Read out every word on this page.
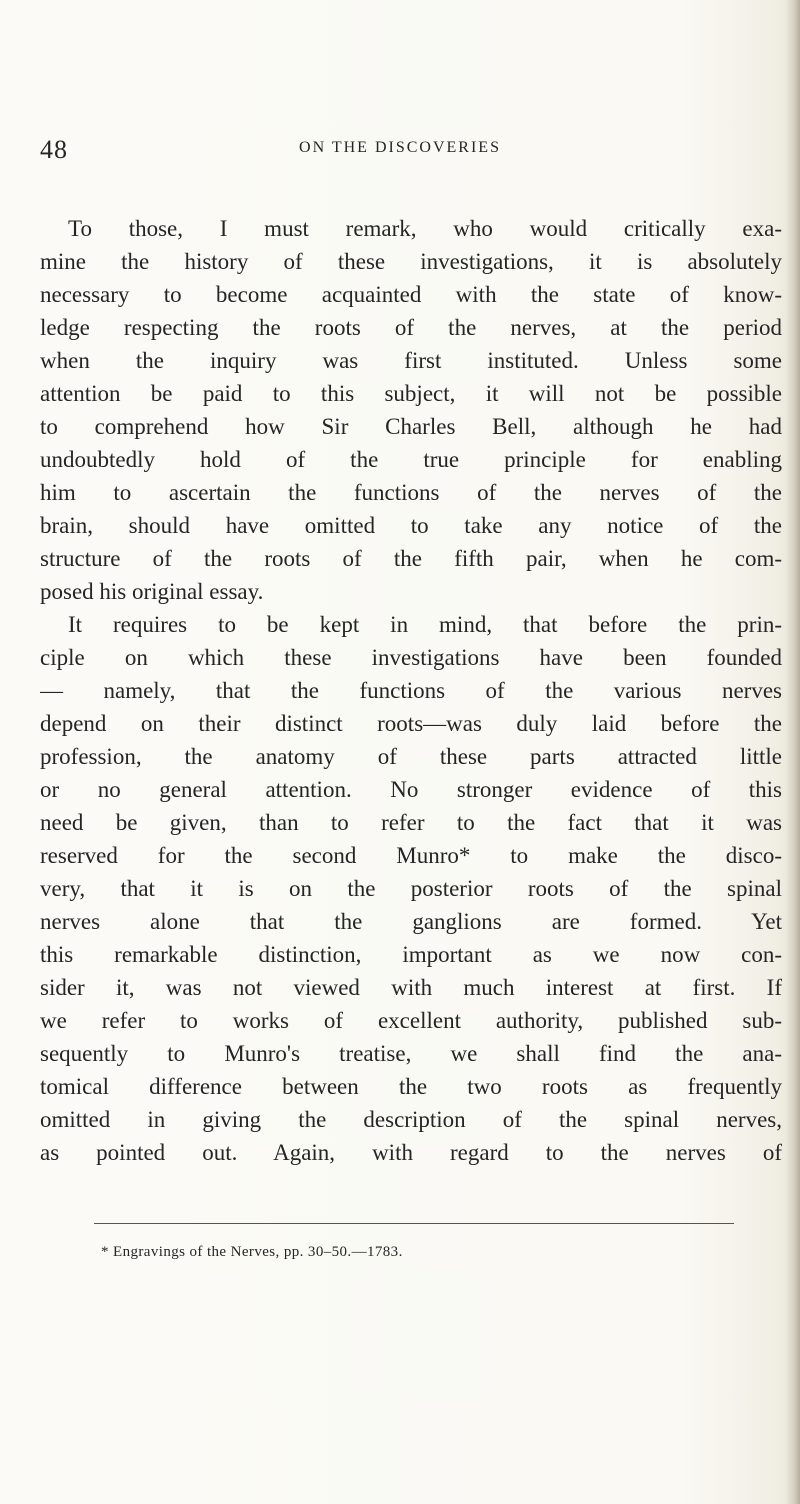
48	ON THE DISCOVERIES
To those, I must remark, who would critically exa-
mine the history of these investigations, it is absolutely
necessary to become acquainted with the state of know-
ledge respecting the roots of the nerves, at the period
when the inquiry was first instituted. Unless some
attention be paid to this subject, it will not be possible
to comprehend how Sir Charles Bell, although he had
undoubtedly hold of the true principle for enabling
him to ascertain the functions of the nerves of the
brain, should have omitted to take any notice of the
structure of the roots of the fifth pair, when he com-
posed his original essay.
It requires to be kept in mind, that before the prin-
ciple on which these investigations have been founded
— namely, that the functions of the various nerves
depend on their distinct roots—was duly laid before the
profession, the anatomy of these parts attracted little
or no general attention. No stronger evidence of this
need be given, than to refer to the fact that it was
reserved for the second Munro* to make the disco-
very, that it is on the posterior roots of the spinal
nerves alone that the ganglions are formed. Yet
this remarkable distinction, important as we now con-
sider it, was not viewed with much interest at first. If
we refer to works of excellent authority, published sub-
sequently to Munro's treatise, we shall find the ana-
tomical difference between the two roots as frequently
omitted in giving the description of the spinal nerves,
as pointed out. Again, with regard to the nerves of
* Engravings of the Nerves, pp. 30–50.—1783.
